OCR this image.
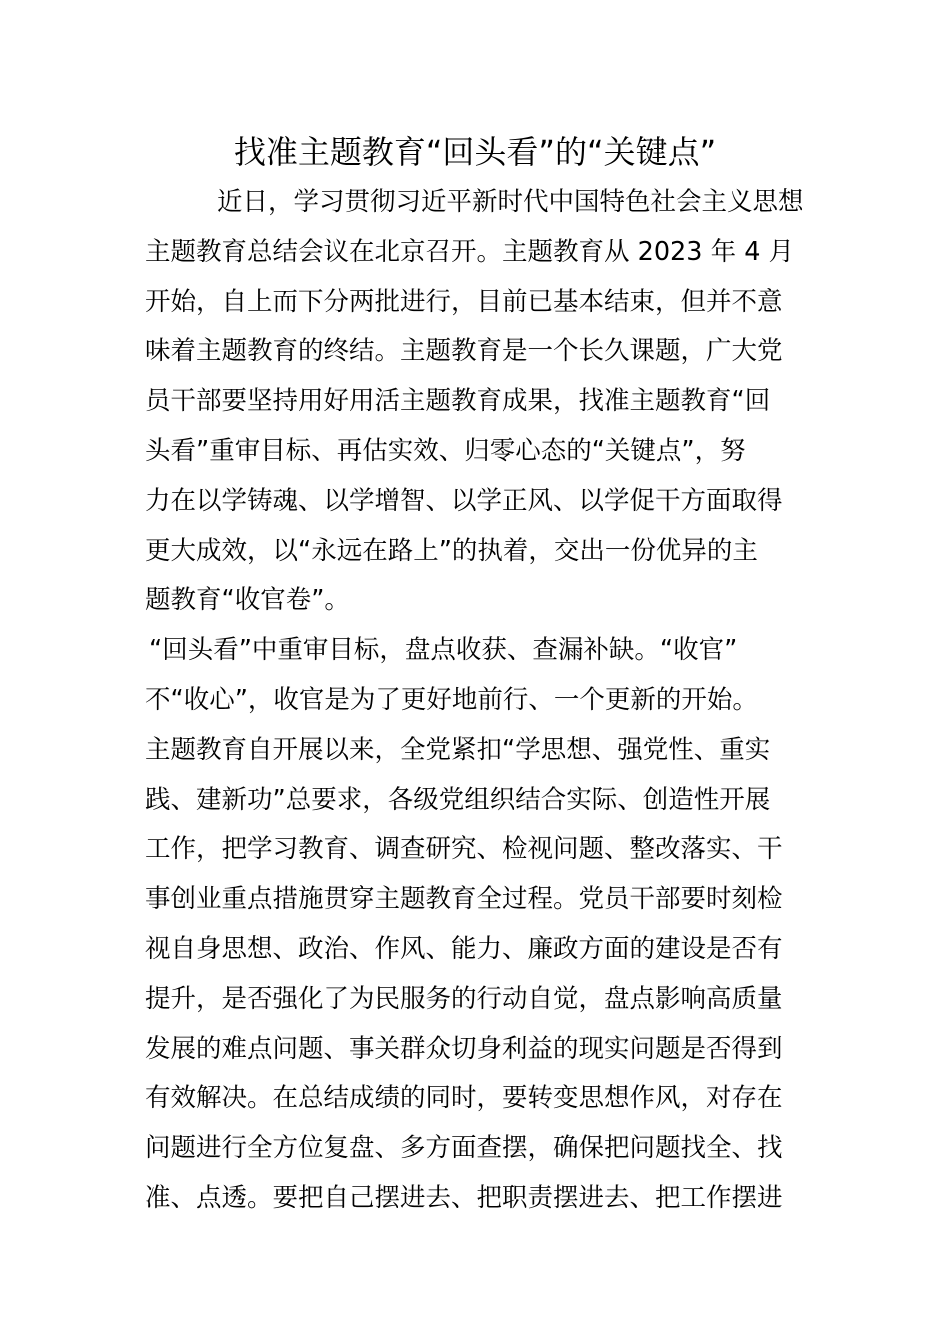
找准主题教育“回头看”的“关键点”
近日，学习贯彻习近平新时代中国特色社会主义思想
主题教育总结会议在北京召开。主题教育从 2023 年 4 月
开始，自上而下分两批进行，目前已基本结束，但并不意
味着主题教育的终结。主题教育是一个长久课题，广大党
员干部要坚持用好用活主题教育成果，找准主题教育“回
头看”重审目标、再估实效、归零心态的“关键点”，努
力在以学铸魂、以学增智、以学正风、以学促干方面取得
更大成效，以“永远在路上”的执着，交出一份优异的主
题教育“收官卷”。
“回头看”中重审目标，盘点收获、查漏补缺。“收官”
不“收心”，收官是为了更好地前行、一个更新的开始。
主题教育自开展以来，全党紧扣“学思想、强党性、重实
践、建新功”总要求，各级党组织结合实际、创造性开展
工作，把学习教育、调查研究、检视问题、整改落实、干
事创业重点措施贯穿主题教育全过程。党员干部要时刻检
视自身思想、政治、作风、能力、廉政方面的建设是否有
提升，是否强化了为民服务的行动自觉，盘点影响高质量
发展的难点问题、事关群众切身利益的现实问题是否得到
有效解决。在总结成绩的同时，要转变思想作风，对存在
问题进行全方位复盘、多方面查摆，确保把问题找全、找
准、点透。要把自己摆进去、把职责摆进去、把工作摆进
